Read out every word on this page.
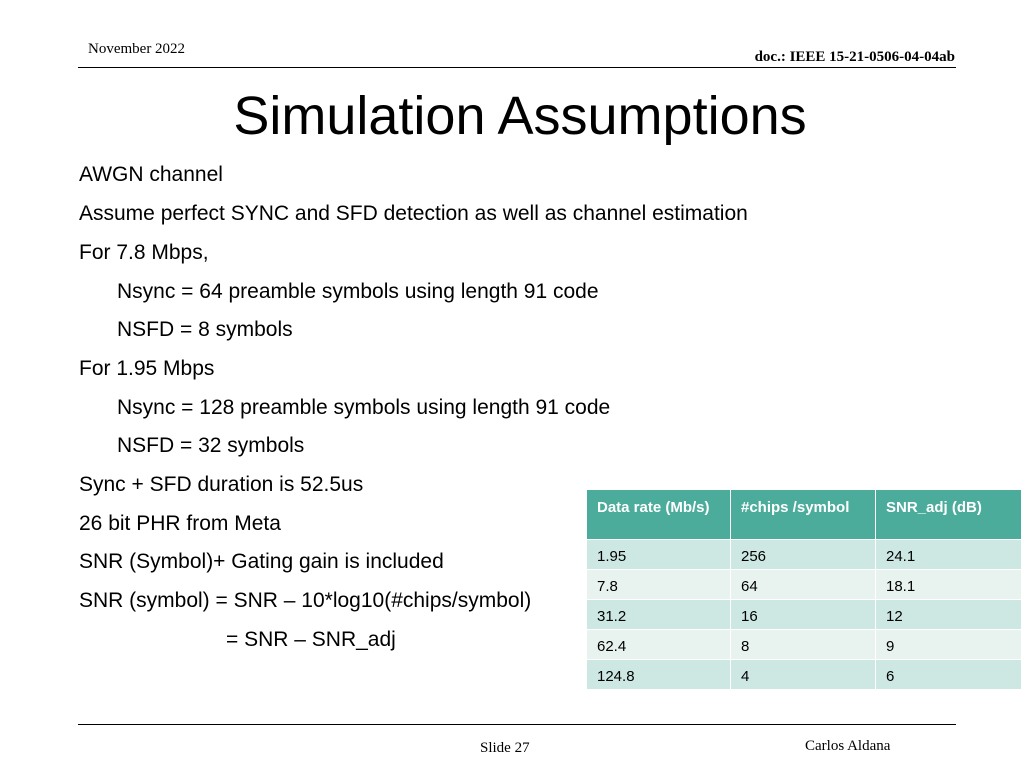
November 2022	doc.: IEEE 15-21-0506-04-04ab
Simulation Assumptions
AWGN channel
Assume perfect SYNC and SFD detection as well as channel estimation
For 7.8 Mbps,
Nsync = 64 preamble symbols using length 91 code
NSFD = 8 symbols
For 1.95 Mbps
Nsync = 128 preamble symbols using length 91 code
NSFD = 32 symbols
Sync + SFD duration is 52.5us
26 bit PHR from Meta
SNR (Symbol)+ Gating gain is included
SNR (symbol) = SNR – 10*log10(#chips/symbol)
= SNR – SNR_adj
Data rate (Mb/s)	#chips /symbol	SNR_adj (dB)
1.95	256	24.1
7.8	64	18.1
31.2	16	12
62.4	8	9
124.8	4	6
Slide 27	Carlos Aldana
